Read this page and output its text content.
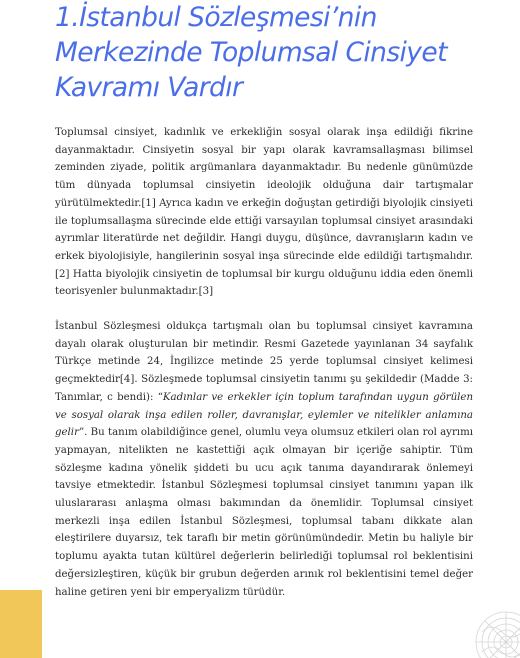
1.İstanbul Sözleşmesi’nin
Merkezinde Toplumsal Cinsiyet
Kavramı Vardır

Toplumsal cinsiyet, kadınlık ve erkekliğin sosyal olarak inşa edildiği fikrine dayanmaktadır. Cinsiyetin sosyal bir yapı olarak kavramsallaşması bilimsel zeminden ziyade, politik argümanlara dayanmaktadır. Bu nedenle günümüzde tüm dünyada toplumsal cinsiyetin ideolojik olduğuna dair tartışmalar yürütülmektedir.[1] Ayrıca kadın ve erkeğin doğuştan getirdiği biyolojik cinsiyeti ile toplumsallaşma sürecinde elde ettiği varsayılan toplumsal cinsiyet arasındaki ayrımlar literatürde net değildir. Hangi duygu, düşünce, davranışların kadın ve erkek biyolojisiyle, hangilerinin sosyal inşa sürecinde elde edildiği tartışmalıdır.[2] Hatta biyolojik cinsiyetin de toplumsal bir kurgu olduğunu iddia eden önemli teorisyenler bulunmaktadır.[3]

İstanbul Sözleşmesi oldukça tartışmalı olan bu toplumsal cinsiyet kavramına dayalı olarak oluşturulan bir metindir. Resmi Gazetede yayınlanan 34 sayfalık Türkçe metinde 24, İngilizce metinde 25 yerde toplumsal cinsiyet kelimesi geçmektedir[4]. Sözleşmede toplumsal cinsiyetin tanımı şu şekildedir (Madde 3: Tanımlar, c bendi): “Kadınlar ve erkekler için toplum tarafından uygun görülen ve sosyal olarak inşa edilen roller, davranışlar, eylemler ve nitelikler anlamına gelir”. Bu tanım olabildiğince genel, olumlu veya olumsuz etkileri olan rol ayrımı yapmayan, nitelikten ne kastettiği açık olmayan bir içeriğe sahiptir. Tüm sözleşme kadına yönelik şiddeti bu ucu açık tanıma dayandırarak önlemeyi tavsiye etmektedir. İstanbul Sözleşmesi toplumsal cinsiyet tanımını yapan ilk uluslararası anlaşma olması bakımından da önemlidir. Toplumsal cinsiyet merkezli inşa edilen İstanbul Sözleşmesi, toplumsal tabanı dikkate alan eleştirilere duyarsız, tek taraflı bir metin görünümündedir. Metin bu haliyle bir toplumu ayakta tutan kültürel değerlerin belirlediği toplumsal rol beklentisini değersizleştiren, küçük bir grubun değerden arınık rol beklentisini temel değer haline getiren yeni bir emperyalizm türüdür.
